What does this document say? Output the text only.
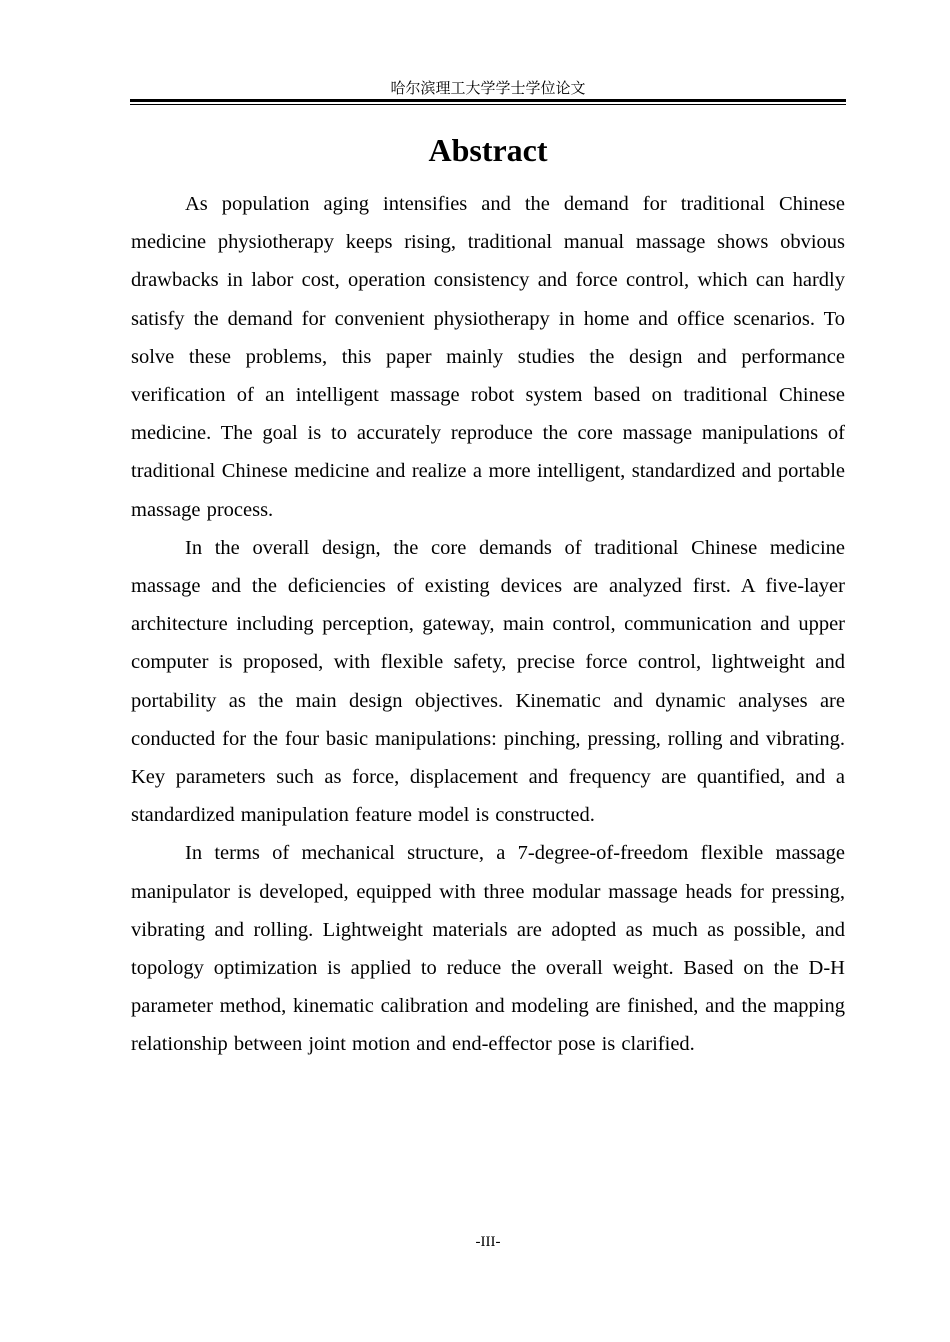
哈尔滨理工大学学士学位论文
Abstract

As population aging intensifies and the demand for traditional Chinese medicine physiotherapy keeps rising, traditional manual massage shows obvious drawbacks in labor cost, operation consistency and force control, which can hardly satisfy the demand for convenient physiotherapy in home and office scenarios. To solve these problems, this paper mainly studies the design and performance verification of an intelligent massage robot system based on traditional Chinese medicine. The goal is to accurately reproduce the core massage manipulations of traditional Chinese medicine and realize a more intelligent, standardized and portable massage process.

In the overall design, the core demands of traditional Chinese medicine massage and the deficiencies of existing devices are analyzed first. A five-layer architecture including perception, gateway, main control, communication and upper computer is proposed, with flexible safety, precise force control, lightweight and portability as the main design objectives. Kinematic and dynamic analyses are conducted for the four basic manipulations: pinching, pressing, rolling and vibrating. Key parameters such as force, displacement and frequency are quantified, and a standardized manipulation feature model is constructed.

In terms of mechanical structure, a 7-degree-of-freedom flexible massage manipulator is developed, equipped with three modular massage heads for pressing, vibrating and rolling. Lightweight materials are adopted as much as possible, and topology optimization is applied to reduce the overall weight. Based on the D-H parameter method, kinematic calibration and modeling are finished, and the mapping relationship between joint motion and end-effector pose is clarified.

-III-
